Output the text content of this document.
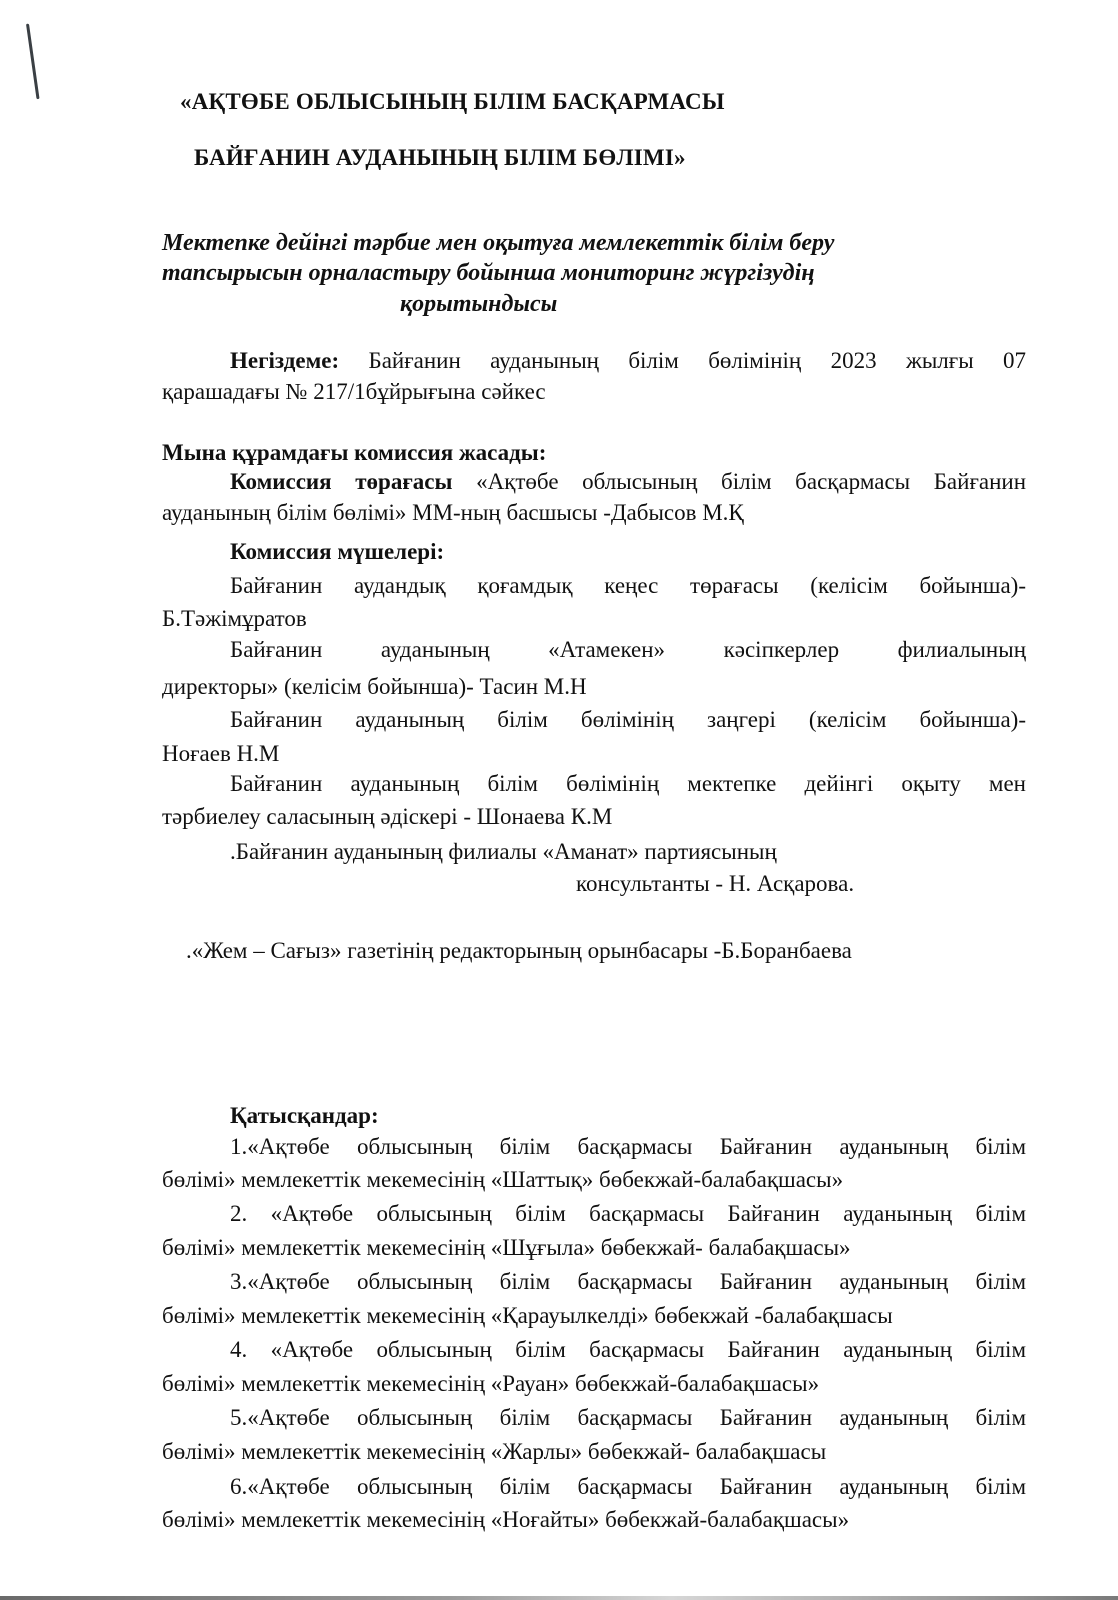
«АҚТӨБЕ ОБЛЫСЫНЫҢ БІЛІМ БАСҚАРМАСЫ
БАЙҒАНИН АУДАНЫНЫҢ БІЛІМ БӨЛІМІ»
Мектепке дейінгі тәрбие мен оқытуға мемлекеттік білім беру
тапсырысын орналастыру бойынша мониторинг жүргізудің
қорытындысы
Негіздеме: Байғанин ауданының білім бөлімінің 2023 жылғы 07
қарашадағы № 217/1бұйрығына сәйкес
Мына құрамдағы комиссия жасады:
Комиссия төрағасы «Ақтөбе облысының білім басқармасы Байғанин
ауданының білім бөлімі» ММ-ның басшысы -Дабысов М.Қ
Комиссия мүшелері:
Байғанин аудандық қоғамдық кеңес төрағасы (келісім бойынша)-
Б.Тәжімұратов
Байғанин ауданының «Атамекен» кәсіпкерлер филиалының
директоры» (келісім бойынша)- Тасин М.Н
Байғанин ауданының білім бөлімінің заңгері (келісім бойынша)-
Ноғаев Н.М
Байғанин ауданының білім бөлімінің мектепке дейінгі оқыту мен
тәрбиелеу саласының әдіскері - Шонаева К.М
.Байғанин ауданының филиалы «Аманат» партиясының
консультанты - Н. Асқарова.
.«Жем – Сағыз» газетінің редакторының орынбасары -Б.Боранбаева
Қатысқандар:
1.«Ақтөбе облысының білім басқармасы Байғанин ауданының білім
бөлімі» мемлекеттік мекемесінің «Шаттық» бөбекжай-балабақшасы»
2. «Ақтөбе облысының білім басқармасы Байғанин ауданының білім
бөлімі» мемлекеттік мекемесінің «Шұғыла» бөбекжай- балабақшасы»
3.«Ақтөбе облысының білім басқармасы Байғанин ауданының білім
бөлімі» мемлекеттік мекемесінің «Қарауылкелді» бөбекжай -балабақшасы
4. «Ақтөбе облысының білім басқармасы Байғанин ауданының білім
бөлімі» мемлекеттік мекемесінің «Рауан» бөбекжай-балабақшасы»
5.«Ақтөбе облысының білім басқармасы Байғанин ауданының білім
бөлімі» мемлекеттік мекемесінің «Жарлы» бөбекжай- балабақшасы
6.«Ақтөбе облысының білім басқармасы Байғанин ауданының білім
бөлімі» мемлекеттік мекемесінің «Ноғайты» бөбекжай-балабақшасы»
